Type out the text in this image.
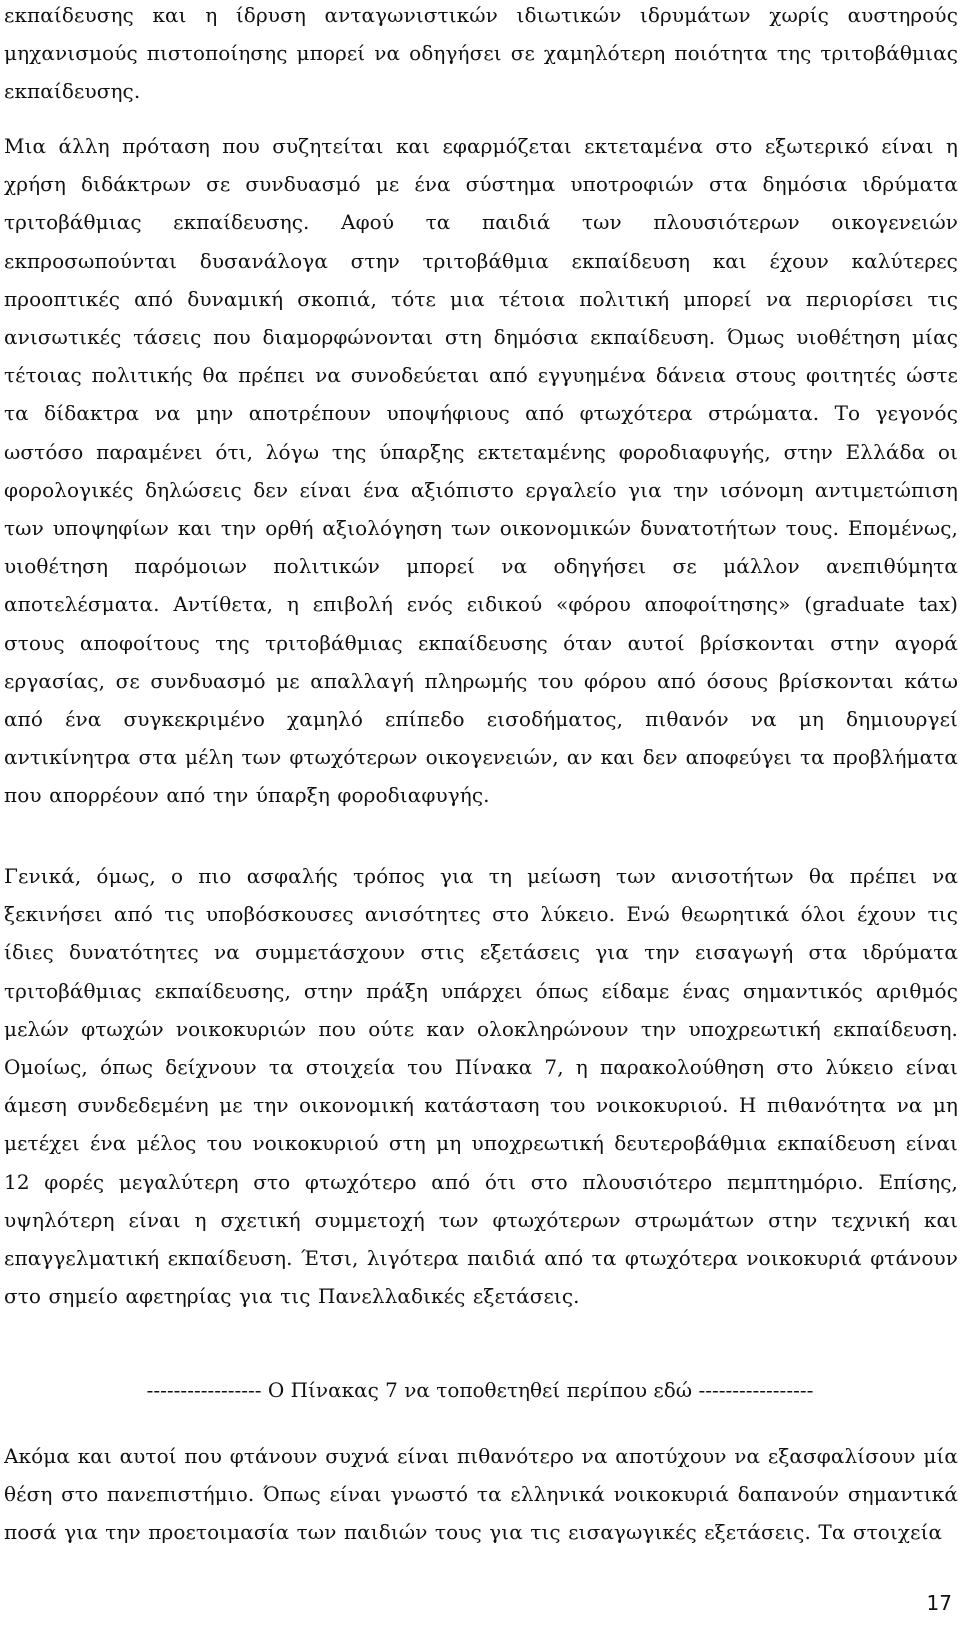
εκπαίδευσης και η ίδρυση ανταγωνιστικών ιδιωτικών ιδρυμάτων χωρίς αυστηρούς μηχανισμούς πιστοποίησης μπορεί να οδηγήσει σε χαμηλότερη ποιότητα της τριτοβάθμιας εκπαίδευσης.

Μια άλλη πρόταση που συζητείται και εφαρμόζεται εκτεταμένα στο εξωτερικό είναι η χρήση διδάκτρων σε συνδυασμό με ένα σύστημα υποτροφιών στα δημόσια ιδρύματα τριτοβάθμιας εκπαίδευσης. Αφού τα παιδιά των πλουσιότερων οικογενειών εκπροσωπούνται δυσανάλογα στην τριτοβάθμια εκπαίδευση και έχουν καλύτερες προοπτικές από δυναμική σκοπιά, τότε μια τέτοια πολιτική μπορεί να περιορίσει τις ανισωτικές τάσεις που διαμορφώνονται στη δημόσια εκπαίδευση. Όμως υιοθέτηση μίας τέτοιας πολιτικής θα πρέπει να συνοδεύεται από εγγυημένα δάνεια στους φοιτητές ώστε τα δίδακτρα να μην αποτρέπουν υποψήφιους από φτωχότερα στρώματα. Το γεγονός ωστόσο παραμένει ότι, λόγω της ύπαρξης εκτεταμένης φοροδιαφυγής, στην Ελλάδα οι φορολογικές δηλώσεις δεν είναι ένα αξιόπιστο εργαλείο για την ισόνομη αντιμετώπιση των υποψηφίων και την ορθή αξιολόγηση των οικονομικών δυνατοτήτων τους. Επομένως, υιοθέτηση παρόμοιων πολιτικών μπορεί να οδηγήσει σε μάλλον ανεπιθύμητα αποτελέσματα. Αντίθετα, η επιβολή ενός ειδικού «φόρου αποφοίτησης» (graduate tax) στους αποφοίτους της τριτοβάθμιας εκπαίδευσης όταν αυτοί βρίσκονται στην αγορά εργασίας, σε συνδυασμό με απαλλαγή πληρωμής του φόρου από όσους βρίσκονται κάτω από ένα συγκεκριμένο χαμηλό επίπεδο εισοδήματος, πιθανόν να μη δημιουργεί αντικίνητρα στα μέλη των φτωχότερων οικογενειών, αν και δεν αποφεύγει τα προβλήματα που απορρέουν από την ύπαρξη φοροδιαφυγής.

Γενικά, όμως, ο πιο ασφαλής τρόπος για τη μείωση των ανισοτήτων θα πρέπει να ξεκινήσει από τις υποβόσκουσες ανισότητες στο λύκειο. Ενώ θεωρητικά όλοι έχουν τις ίδιες δυνατότητες να συμμετάσχουν στις εξετάσεις για την εισαγωγή στα ιδρύματα τριτοβάθμιας εκπαίδευσης, στην πράξη υπάρχει όπως είδαμε ένας σημαντικός αριθμός μελών φτωχών νοικοκυριών που ούτε καν ολοκληρώνουν την υποχρεωτική εκπαίδευση. Ομοίως, όπως δείχνουν τα στοιχεία του Πίνακα 7, η παρακολούθηση στο λύκειο είναι άμεση συνδεδεμένη με την οικονομική κατάσταση του νοικοκυριού. Η πιθανότητα να μη μετέχει ένα μέλος του νοικοκυριού στη μη υποχρεωτική δευτεροβάθμια εκπαίδευση είναι 12 φορές μεγαλύτερη στο φτωχότερο από ότι στο πλουσιότερο πεμπτημόριο. Επίσης, υψηλότερη είναι η σχετική συμμετοχή των φτωχότερων στρωμάτων στην τεχνική και επαγγελματική εκπαίδευση. Έτσι, λιγότερα παιδιά από τα φτωχότερα νοικοκυριά φτάνουν στο σημείο αφετηρίας για τις Πανελλαδικές εξετάσεις.

----------------- Ο Πίνακας 7 να τοποθετηθεί περίπου εδώ -----------------

Ακόμα και αυτοί που φτάνουν συχνά είναι πιθανότερο να αποτύχουν να εξασφαλίσουν μία θέση στο πανεπιστήμιο. Όπως είναι γνωστό τα ελληνικά νοικοκυριά δαπανούν σημαντικά ποσά για την προετοιμασία των παιδιών τους για τις εισαγωγικές εξετάσεις. Τα στοιχεία

17
